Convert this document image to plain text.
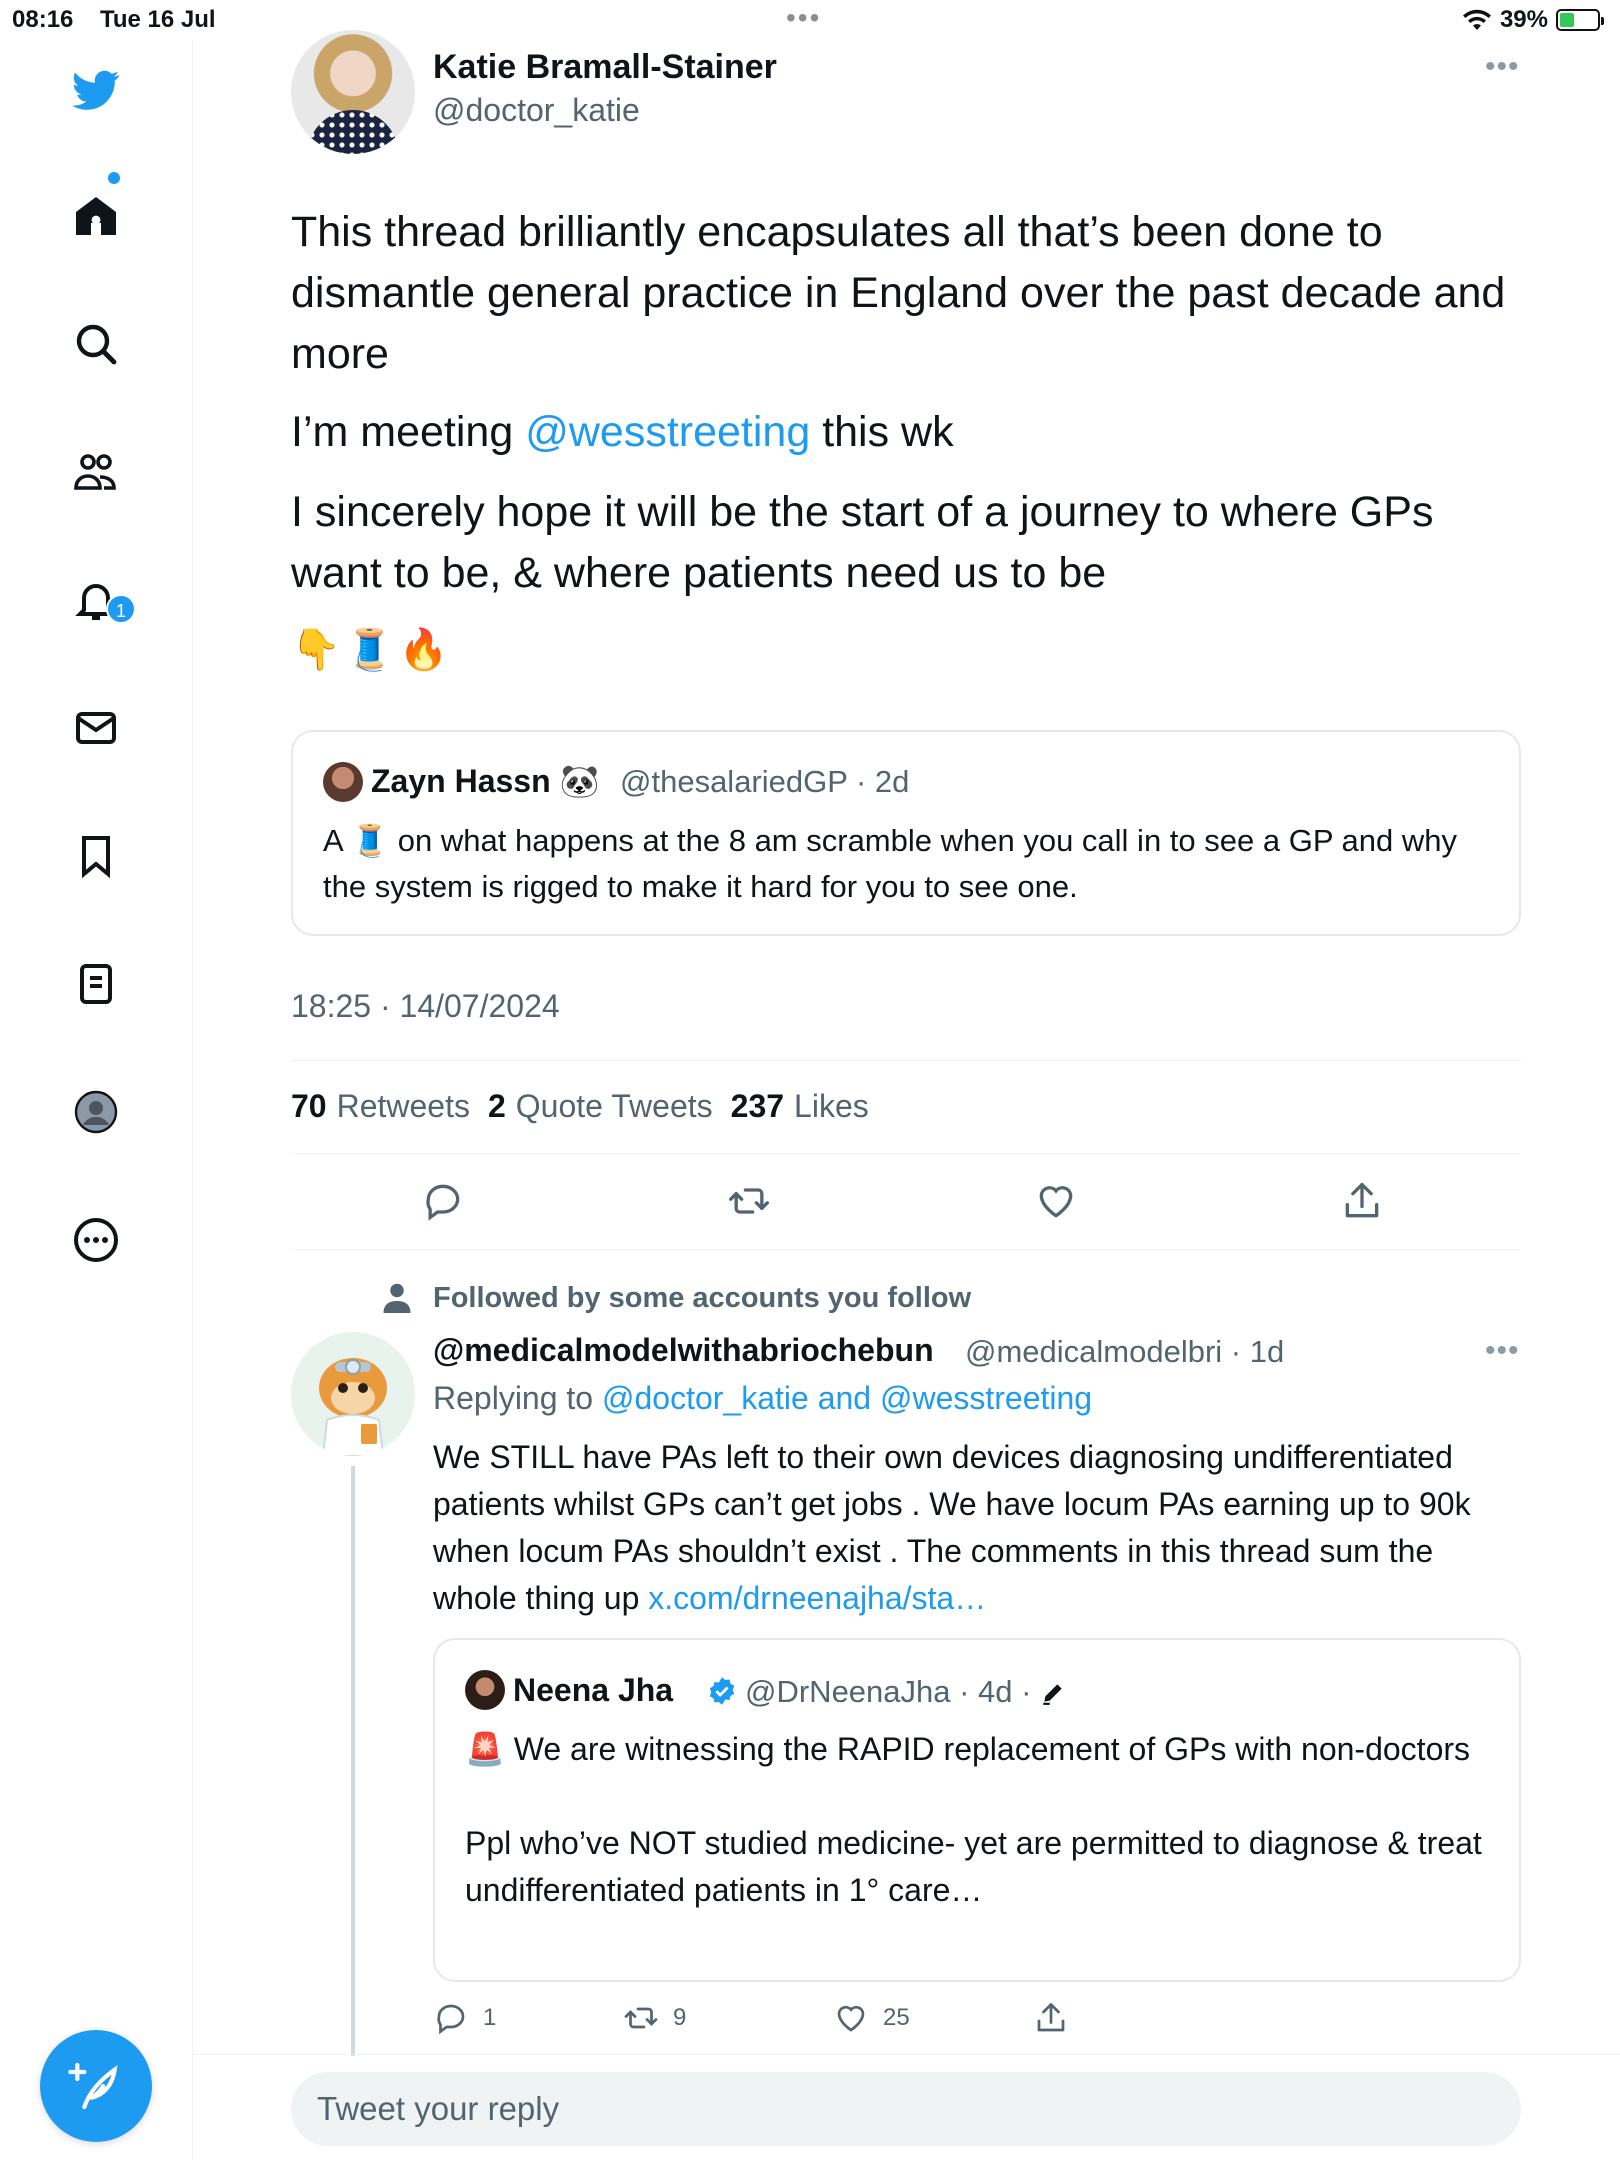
08:16 Tue 16 Jul	•••	39%
1
Katie Bramall-Stainer
@doctor_katie
•••
This thread brilliantly encapsulates all that’s been done to dismantle general practice in England over the past decade and more
I’m meeting @wesstreeting this wk
I sincerely hope it will be the start of a journey to where GPs want to be, & where patients need us to be
👇🧵🔥
Zayn Hassn 🐼 @thesalariedGP · 2d
A 🧵 on what happens at the 8 am scramble when you call in to see a GP and why the system is rigged to make it hard for you to see one.
18:25 · 14/07/2024
70 Retweets 2 Quote Tweets 237 Likes
Followed by some accounts you follow
@medicalmodelwithabriochebun @medicalmodelbri · 1d	•••
Replying to @doctor_katie and @wesstreeting
We STILL have PAs left to their own devices diagnosing undifferentiated patients whilst GPs can’t get jobs . We have locum PAs earning up to 90k when locum PAs shouldn’t exist . The comments in this thread sum the whole thing up x.com/drneenajha/sta…
Neena Jha @DrNeenaJha · 4d ·

🚨 We are witnessing the RAPID replacement of GPs with non-doctors

Ppl who’ve NOT studied medicine- yet are permitted to diagnose & treat undifferentiated patients in 1° care…

1	9	25
Tweet your reply
